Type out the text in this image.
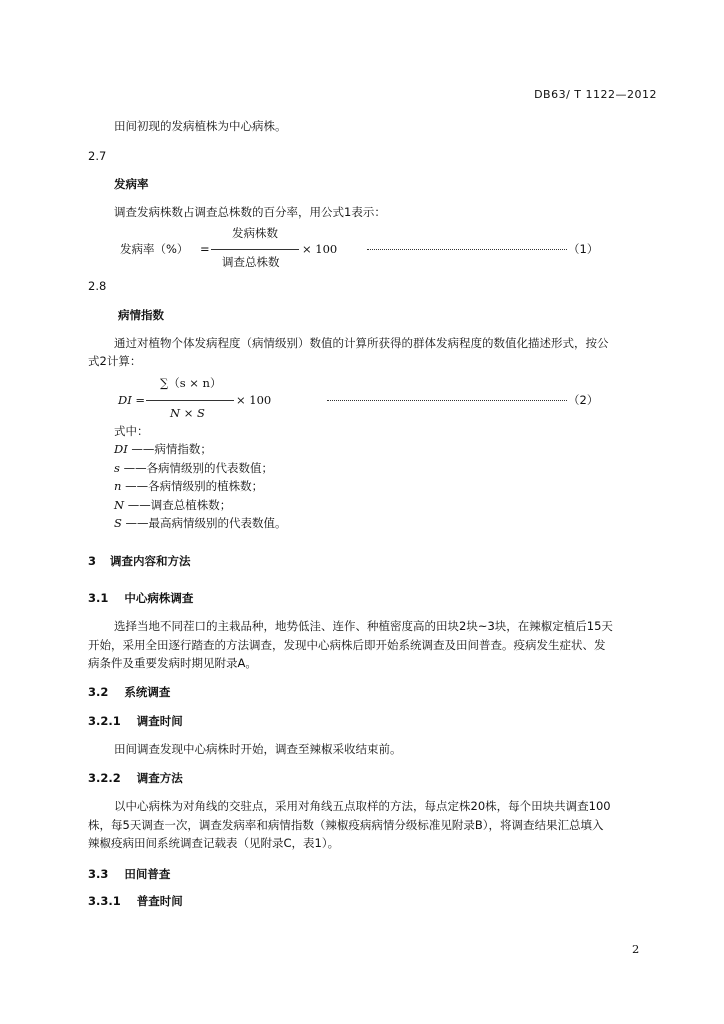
DB63/ T 1122—2012
田间初现的发病植株为中心病株。
2.7
发病率
调查发病株数占调查总株数的百分率，用公式1表示：
发病率（%） =
发病株数
调查总株数
× 100	（1）
2.8
病情指数
通过对植物个体发病程度（病情级别）数值的计算所获得的群体发病程度的数值化描述形式，按公
式2计算：
DI =
∑（s × n）
N × S
× 100	（2）
式中：
DI ——病情指数；
s ——各病情级别的代表数值；
n ——各病情级别的植株数；
N ——调查总植株数；
S ——最高病情级别的代表数值。
3 调查内容和方法
3.1 中心病株调查
选择当地不同茬口的主栽品种，地势低洼、连作、种植密度高的田块2块~3块，在辣椒定植后15天
开始，采用全田逐行踏查的方法调查，发现中心病株后即开始系统调查及田间普查。疫病发生症状、发
病条件及重要发病时期见附录A。
3.2 系统调查
3.2.1 调查时间
田间调查发现中心病株时开始，调查至辣椒采收结束前。
3.2.2 调查方法
以中心病株为对角线的交驻点，采用对角线五点取样的方法，每点定株20株，每个田块共调查100
株，每5天调查一次，调查发病率和病情指数（辣椒疫病病情分级标准见附录B），将调查结果汇总填入
辣椒疫病田间系统调查记载表（见附录C，表1）。
3.3 田间普查
3.3.1 普查时间
2
